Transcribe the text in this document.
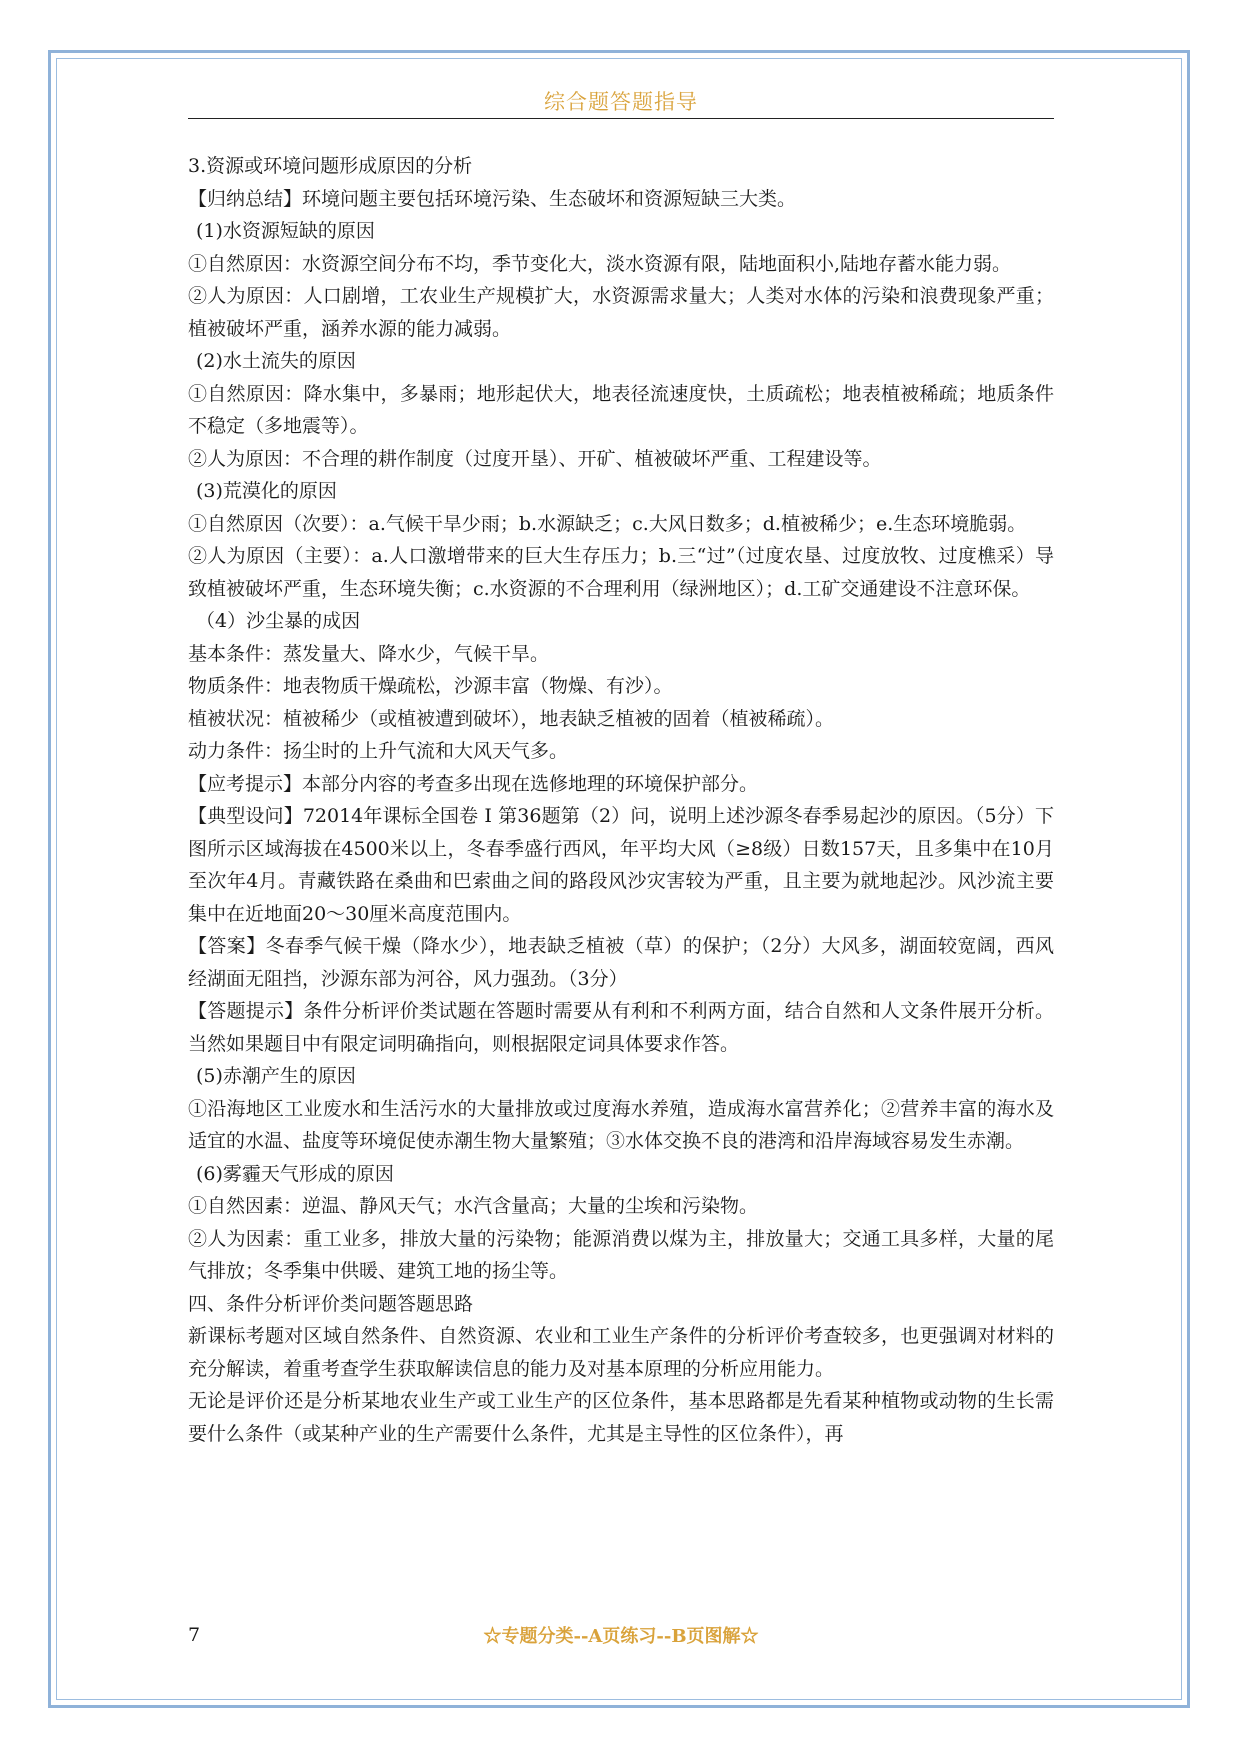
综合题答题指导

3.资源或环境问题形成原因的分析

【归纳总结】环境问题主要包括环境污染、生态破坏和资源短缺三大类。

(1)水资源短缺的原因

①自然原因：水资源空间分布不均，季节变化大，淡水资源有限，陆地面积小,陆地存蓄水能力弱。

②人为原因：人口剧增，工农业生产规模扩大，水资源需求量大；人类对水体的污染和浪费现象严重；植被破坏严重，涵养水源的能力减弱。

(2)水土流失的原因

①自然原因：降水集中，多暴雨；地形起伏大，地表径流速度快，土质疏松；地表植被稀疏；地质条件不稳定（多地震等）。

②人为原因：不合理的耕作制度（过度开垦）、开矿、植被破坏严重、工程建设等。

(3)荒漠化的原因

①自然原因（次要）：a.气候干旱少雨；b.水源缺乏；c.大风日数多；d.植被稀少；e.生态环境脆弱。

②人为原因（主要）：a.人口激增带来的巨大生存压力；b.三“过”（过度农垦、过度放牧、过度樵采）导致植被破坏严重，生态环境失衡；c.水资源的不合理利用（绿洲地区）；d.工矿交通建设不注意环保。

（4）沙尘暴的成因

基本条件：蒸发量大、降水少，气候干旱。

物质条件：地表物质干燥疏松，沙源丰富（物燥、有沙）。

植被状况：植被稀少（或植被遭到破坏），地表缺乏植被的固着（植被稀疏）。

动力条件：扬尘时的上升气流和大风天气多。

【应考提示】本部分内容的考查多出现在选修地理的环境保护部分。

【典型设问】72014年课标全国卷 I 第36题第（2）问，说明上述沙源冬春季易起沙的原因。（5分）下图所示区域海拔在4500米以上，冬春季盛行西风，年平均大风（≥8级）日数157天，且多集中在10月至次年4月。青藏铁路在桑曲和巴索曲之间的路段风沙灾害较为严重，且主要为就地起沙。风沙流主要集中在近地面20～30厘米高度范围内。

【答案】冬春季气候干燥（降水少），地表缺乏植被（草）的保护；（2分）大风多，湖面较宽阔，西风经湖面无阻挡，沙源东部为河谷，风力强劲。（3分）

【答题提示】条件分析评价类试题在答题时需要从有利和不利两方面，结合自然和人文条件展开分析。当然如果题目中有限定词明确指向，则根据限定词具体要求作答。

(5)赤潮产生的原因

①沿海地区工业废水和生活污水的大量排放或过度海水养殖，造成海水富营养化；②营养丰富的海水及适宜的水温、盐度等环境促使赤潮生物大量繁殖；③水体交换不良的港湾和沿岸海域容易发生赤潮。

(6)雾霾天气形成的原因

①自然因素：逆温、静风天气；水汽含量高；大量的尘埃和污染物。

②人为因素：重工业多，排放大量的污染物；能源消费以煤为主，排放量大；交通工具多样，大量的尾气排放；冬季集中供暖、建筑工地的扬尘等。

四、条件分析评价类问题答题思路

新课标考题对区域自然条件、自然资源、农业和工业生产条件的分析评价考查较多，也更强调对材料的充分解读，着重考查学生获取解读信息的能力及对基本原理的分析应用能力。

无论是评价还是分析某地农业生产或工业生产的区位条件，基本思路都是先看某种植物或动物的生长需要什么条件（或某种产业的生产需要什么条件，尤其是主导性的区位条件），再

7	☆专题分类--A页练习--B页图解☆
